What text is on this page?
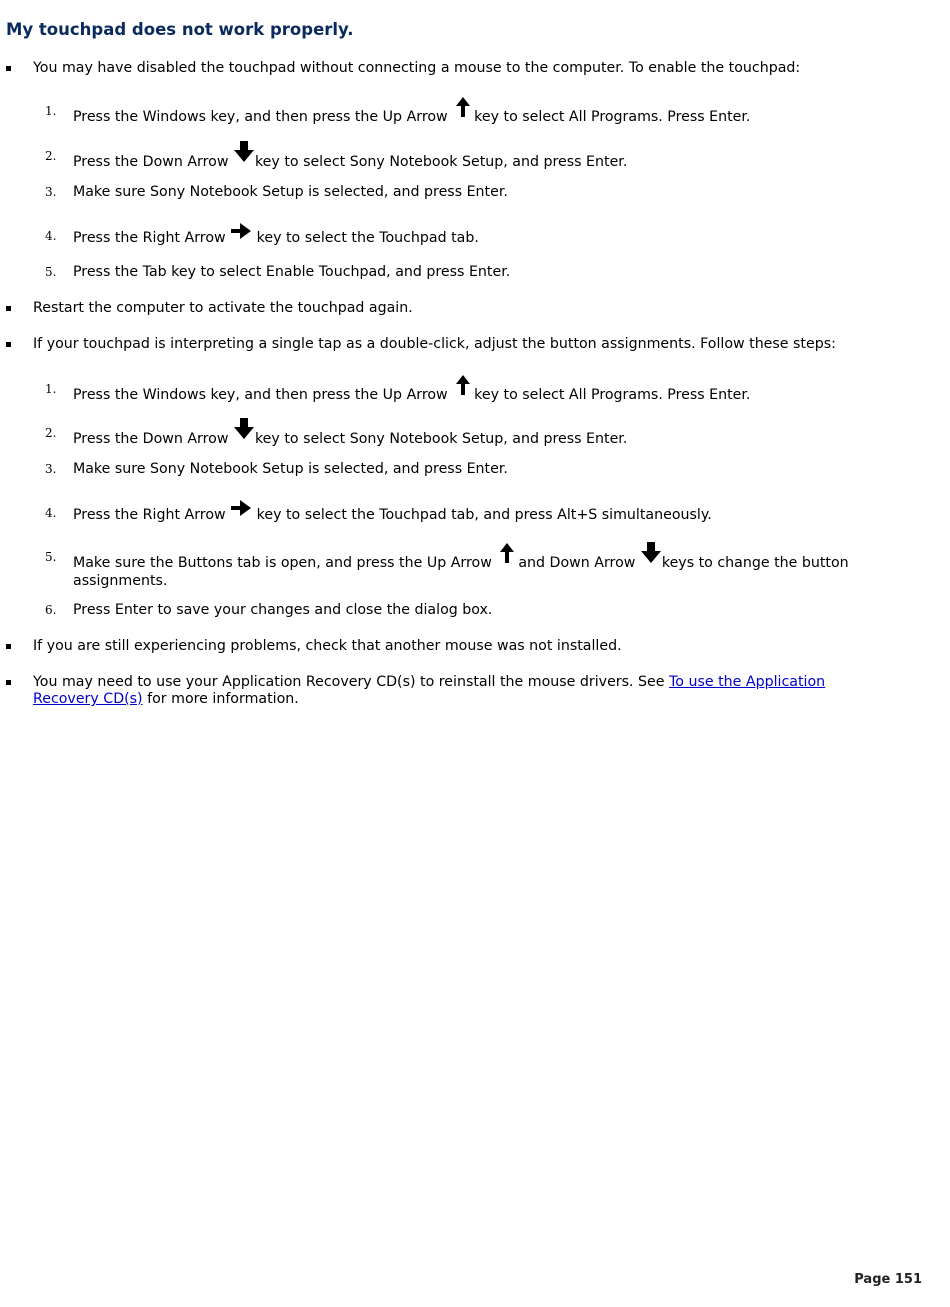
My touchpad does not work properly.
You may have disabled the touchpad without connecting a mouse to the computer. To enable the touchpad:
1. Press the Windows key, and then press the Up Arrow
key to select All Programs. Press Enter.
2. Press the Down Arrow
key to select Sony Notebook Setup, and press Enter.
3. Make sure Sony Notebook Setup is selected, and press Enter.
4. Press the Right Arrow
key to select the Touchpad tab.
5. Press the Tab key to select Enable Touchpad, and press Enter.
Restart the computer to activate the touchpad again.
If your touchpad is interpreting a single tap as a double-click, adjust the button assignments. Follow these steps:
1. Press the Windows key, and then press the Up Arrow
key to select All Programs. Press Enter.
2. Press the Down Arrow
key to select Sony Notebook Setup, and press Enter.
3. Make sure Sony Notebook Setup is selected, and press Enter.
4. Press the Right Arrow
key to select the Touchpad tab, and press Alt+S simultaneously.
5. Make sure the Buttons tab is open, and press the Up Arrow
and Down Arrow
keys to change the button assignments.
6. Press Enter to save your changes and close the dialog box.
If you are still experiencing problems, check that another mouse was not installed.
You may need to use your Application Recovery CD(s) to reinstall the mouse drivers. See To use the Application Recovery CD(s) for more information.
Page 151
